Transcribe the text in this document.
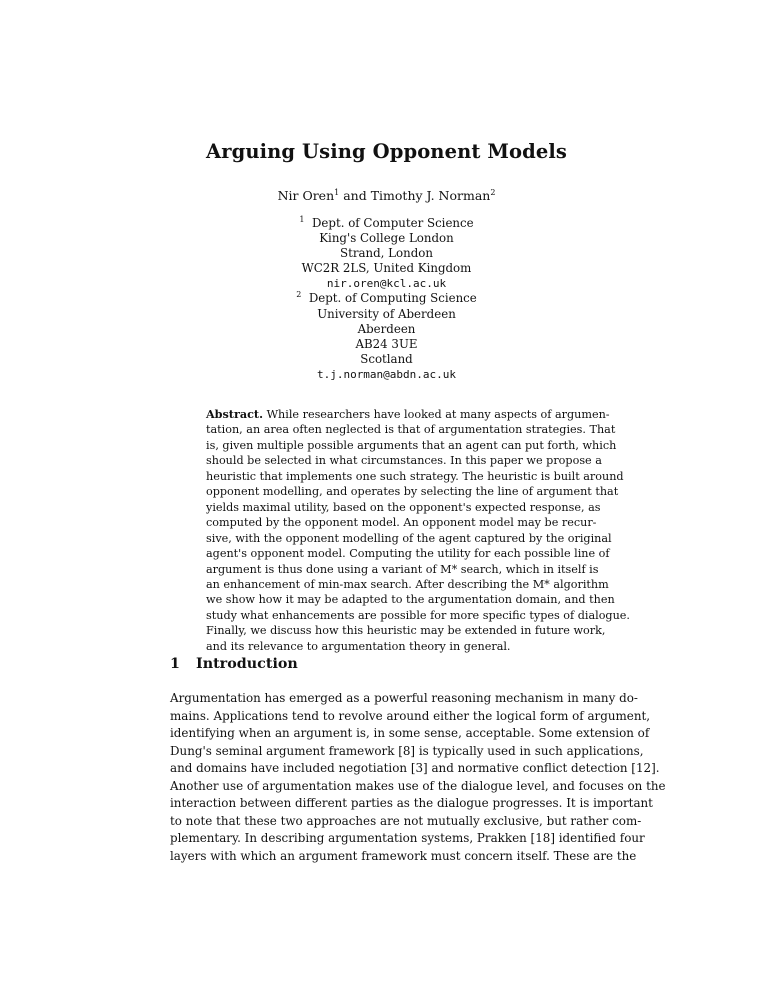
Arguing Using Opponent Models
Nir Oren$^1$ and Timothy J. Norman$^2$
$^1$ Dept. of Computer Science
King's College London
Strand, London
WC2R 2LS, United Kingdom
nir.oren@kcl.ac.uk
$^2$ Dept. of Computing Science
University of Aberdeen
Aberdeen
AB24 3UE
Scotland
t.j.norman@abdn.ac.uk
Abstract. While researchers have looked at many aspects of argumen-
tation, an area often neglected is that of argumentation strategies. That
is, given multiple possible arguments that an agent can put forth, which
should be selected in what circumstances. In this paper we propose a
heuristic that implements one such strategy. The heuristic is built around
opponent modelling, and operates by selecting the line of argument that
yields maximal utility, based on the opponent's expected response, as
computed by the opponent model. An opponent model may be recur-
sive, with the opponent modelling of the agent captured by the original
agent's opponent model. Computing the utility for each possible line of
argument is thus done using a variant of M* search, which in itself is
an enhancement of min-max search. After describing the M* algorithm
we show how it may be adapted to the argumentation domain, and then
study what enhancements are possible for more specific types of dialogue.
Finally, we discuss how this heuristic may be extended in future work,
and its relevance to argumentation theory in general.
1 Introduction
Argumentation has emerged as a powerful reasoning mechanism in many do-
mains. Applications tend to revolve around either the logical form of argument,
identifying when an argument is, in some sense, acceptable. Some extension of
Dung's seminal argument framework [8] is typically used in such applications,
and domains have included negotiation [3] and normative conflict detection [12].
Another use of argumentation makes use of the dialogue level, and focuses on the
interaction between different parties as the dialogue progresses. It is important
to note that these two approaches are not mutually exclusive, but rather com-
plementary. In describing argumentation systems, Prakken [18] identified four
layers with which an argument framework must concern itself. These are the
